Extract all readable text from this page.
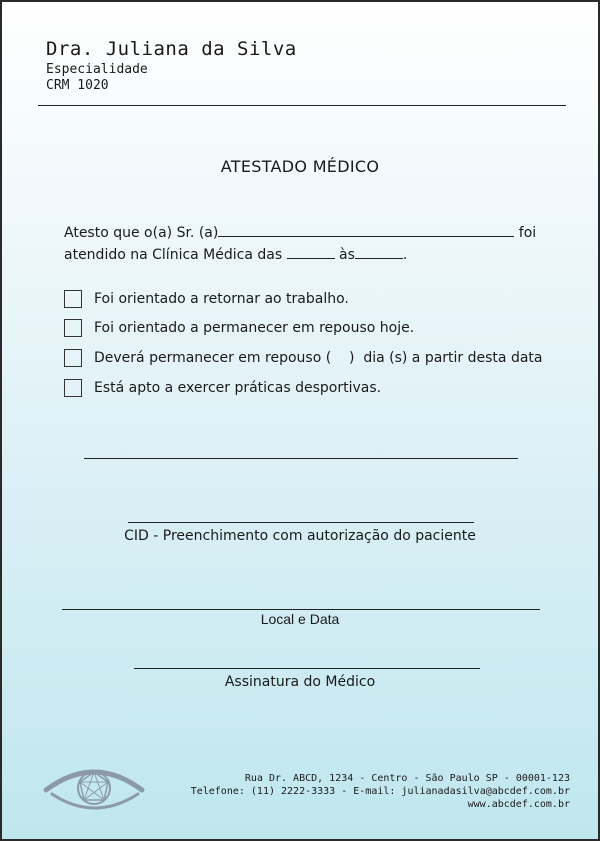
Dra. Juliana da Silva
Especialidade
CRM 1020
ATESTADO MÉDICO
Atesto que o(a) Sr. (a)	foi
atendido na Clínica Médica das	às	.
Foi orientado a retornar ao trabalho.
Foi orientado a permanecer em repouso hoje.
Deverá permanecer em repouso (    )  dia (s) a partir desta data
Está apto a exercer práticas desportivas.
CID - Preenchimento com autorização do paciente
Local e Data
Assinatura do Médico
Rua Dr. ABCD, 1234 - Centro - São Paulo SP - 00001-123
Telefone: (11) 2222-3333 - E-mail: julianadasilva@abcdef.com.br
www.abcdef.com.br
